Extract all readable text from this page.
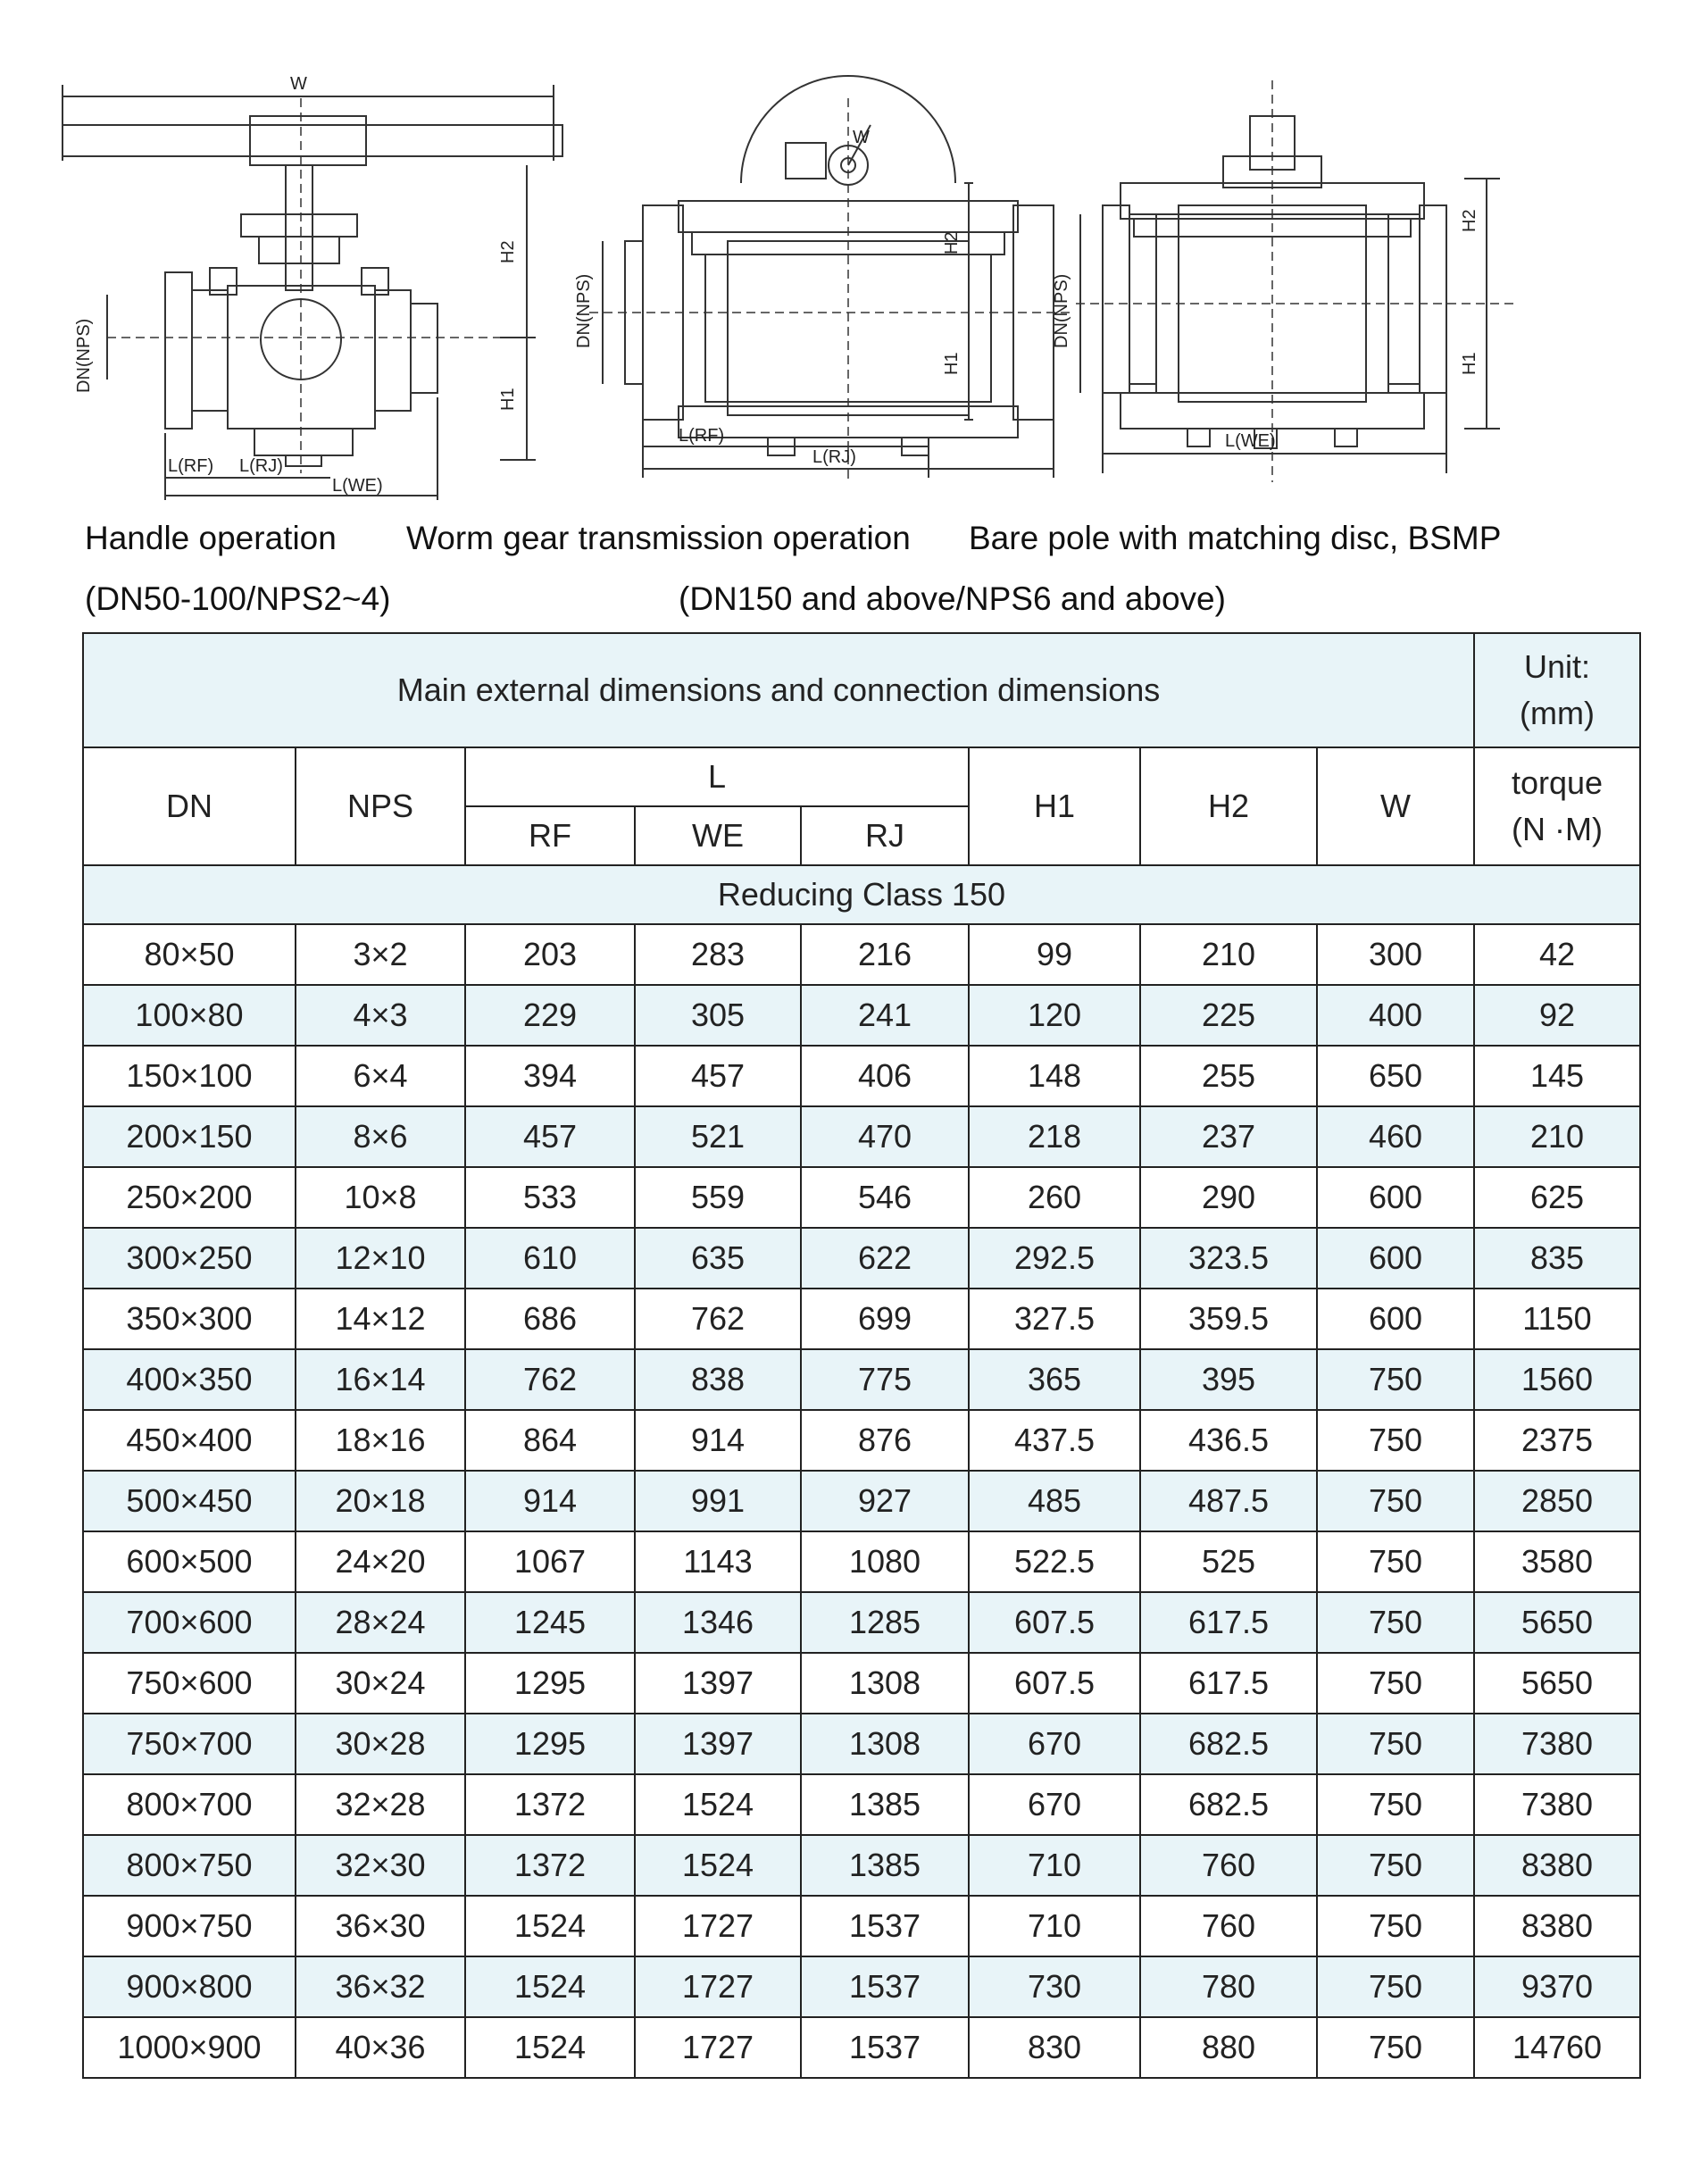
W
H2
H1
DN(NPS)
L(RF) L(RJ)
L(WE)
W
H2
H1
DN(NPS)
L(RF)
L(RJ)
H2
H1
DN(NPS)
L(WE)
Handle operation Worm gear transmission operation Bare pole with matching disc, BSMP
(DN50-100/NPS2~4)	(DN150 and above/NPS6 and above)
Main external dimensions and connection dimensions								Unit:
(mm)

DN	NPS	L			H1	H2	W	torque
(N ·M)

		RF	WE	RJ				
Reducing Class 150								
80×50	3×2	203	283	216	99	210	300	42
100×80	4×3	229	305	241	120	225	400	92
150×100	6×4	394	457	406	148	255	650	145
200×150	8×6	457	521	470	218	237	460	210
250×200	10×8	533	559	546	260	290	600	625
300×250	12×10	610	635	622	292.5	323.5	600	835
350×300	14×12	686	762	699	327.5	359.5	600	1150
400×350	16×14	762	838	775	365	395	750	1560
450×400	18×16	864	914	876	437.5	436.5	750	2375
500×450	20×18	914	991	927	485	487.5	750	2850
600×500	24×20	1067	1143	1080	522.5	525	750	3580
700×600	28×24	1245	1346	1285	607.5	617.5	750	5650
750×600	30×24	1295	1397	1308	607.5	617.5	750	5650
750×700	30×28	1295	1397	1308	670	682.5	750	7380
800×700	32×28	1372	1524	1385	670	682.5	750	7380
800×750	32×30	1372	1524	1385	710	760	750	8380
900×750	36×30	1524	1727	1537	710	760	750	8380
900×800	36×32	1524	1727	1537	730	780	750	9370
1000×900	40×36	1524	1727	1537	830	880	750	14760
